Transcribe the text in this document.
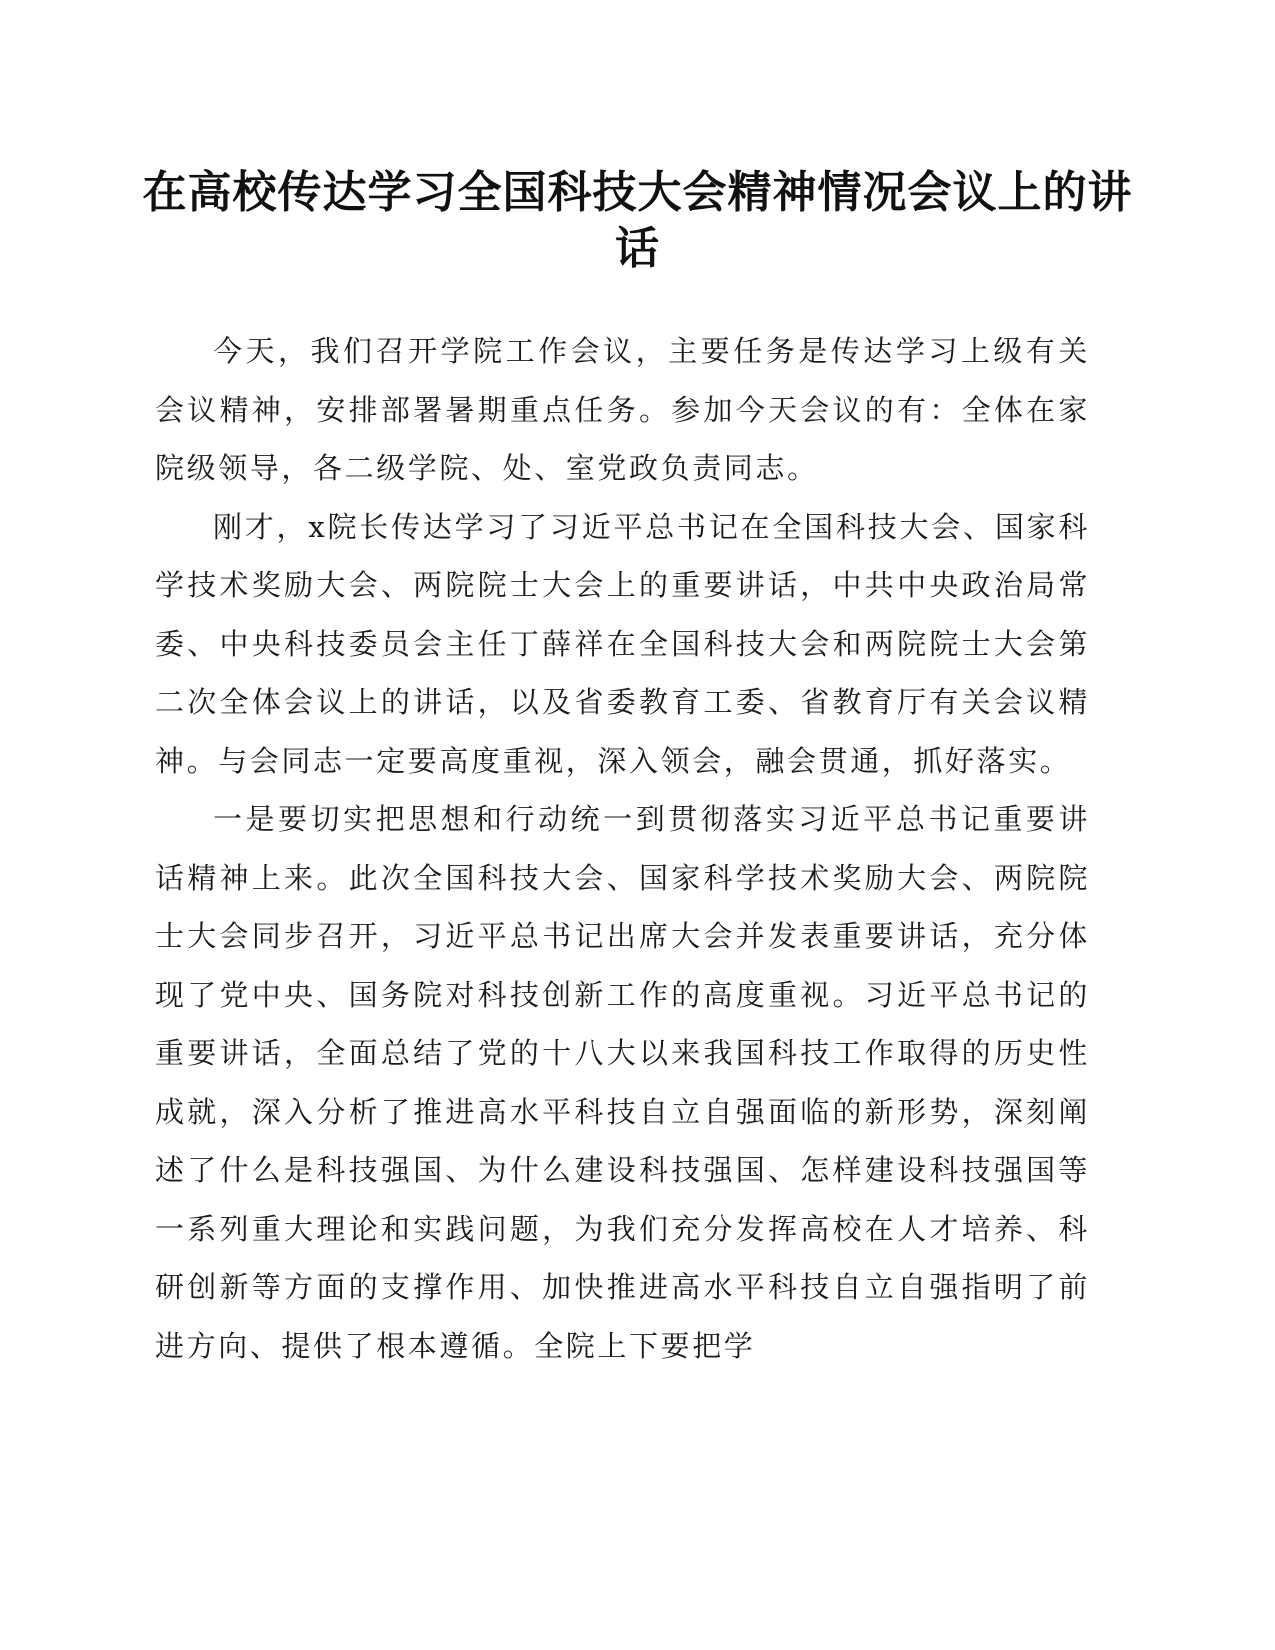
在高校传达学习全国科技大会精神情况会议上的讲话

今天，我们召开学院工作会议，主要任务是传达学习上级有关会议精神，安排部署暑期重点任务。参加今天会议的有：全体在家院级领导，各二级学院、处、室党政负责同志。

刚才，x院长传达学习了习近平总书记在全国科技大会、国家科学技术奖励大会、两院院士大会上的重要讲话，中共中央政治局常委、中央科技委员会主任丁薛祥在全国科技大会和两院院士大会第二次全体会议上的讲话，以及省委教育工委、省教育厅有关会议精神。与会同志一定要高度重视，深入领会，融会贯通，抓好落实。

一是要切实把思想和行动统一到贯彻落实习近平总书记重要讲话精神上来。此次全国科技大会、国家科学技术奖励大会、两院院士大会同步召开，习近平总书记出席大会并发表重要讲话，充分体现了党中央、国务院对科技创新工作的高度重视。习近平总书记的重要讲话，全面总结了党的十八大以来我国科技工作取得的历史性成就，深入分析了推进高水平科技自立自强面临的新形势，深刻阐述了什么是科技强国、为什么建设科技强国、怎样建设科技强国等一系列重大理论和实践问题，为我们充分发挥高校在人才培养、科研创新等方面的支撑作用、加快推进高水平科技自立自强指明了前进方向、提供了根本遵循。全院上下要把学
